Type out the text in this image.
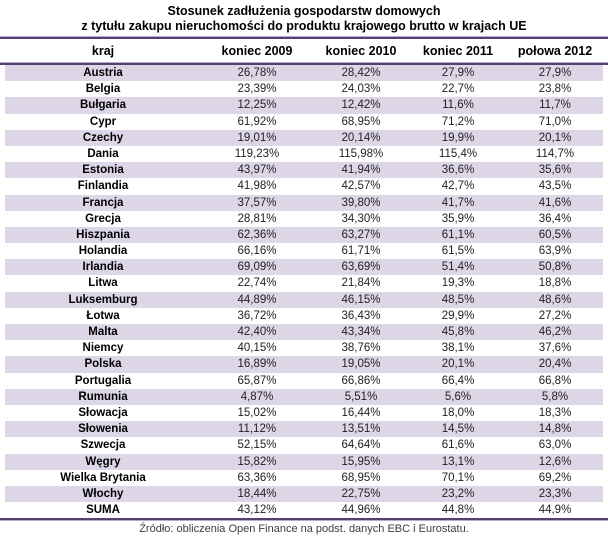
Stosunek zadłużenia gospodarstw domowych
z tytułu zakupu nieruchomości do produktu krajowego brutto w krajach UE
kraj	koniec 2009	koniec 2010	koniec 2011	połowa 2012
Austria	26,78%	28,42%	27,9%	27,9%
Belgia	23,39%	24,03%	22,7%	23,8%
Bułgaria	12,25%	12,42%	11,6%	11,7%
Cypr	61,92%	68,95%	71,2%	71,0%
Czechy	19,01%	20,14%	19,9%	20,1%
Dania	119,23%	115,98%	115,4%	114,7%
Estonia	43,97%	41,94%	36,6%	35,6%
Finlandia	41,98%	42,57%	42,7%	43,5%
Francja	37,57%	39,80%	41,7%	41,6%
Grecja	28,81%	34,30%	35,9%	36,4%
Hiszpania	62,36%	63,27%	61,1%	60,5%
Holandia	66,16%	61,71%	61,5%	63,9%
Irlandia	69,09%	63,69%	51,4%	50,8%
Litwa	22,74%	21,84%	19,3%	18,8%
Luksemburg	44,89%	46,15%	48,5%	48,6%
Łotwa	36,72%	36,43%	29,9%	27,2%
Malta	42,40%	43,34%	45,8%	46,2%
Niemcy	40,15%	38,76%	38,1%	37,6%
Polska	16,89%	19,05%	20,1%	20,4%
Portugalia	65,87%	66,86%	66,4%	66,8%
Rumunia	4,87%	5,51%	5,6%	5,8%
Słowacja	15,02%	16,44%	18,0%	18,3%
Słowenia	11,12%	13,51%	14,5%	14,8%
Szwecja	52,15%	64,64%	61,6%	63,0%
Węgry	15,82%	15,95%	13,1%	12,6%
Wielka Brytania	63,36%	68,95%	70,1%	69,2%
Włochy	18,44%	22,75%	23,2%	23,3%
SUMA	43,12%	44,96%	44,8%	44,9%
Źródło: obliczenia Open Finance na podst. danych EBC i Eurostatu.
